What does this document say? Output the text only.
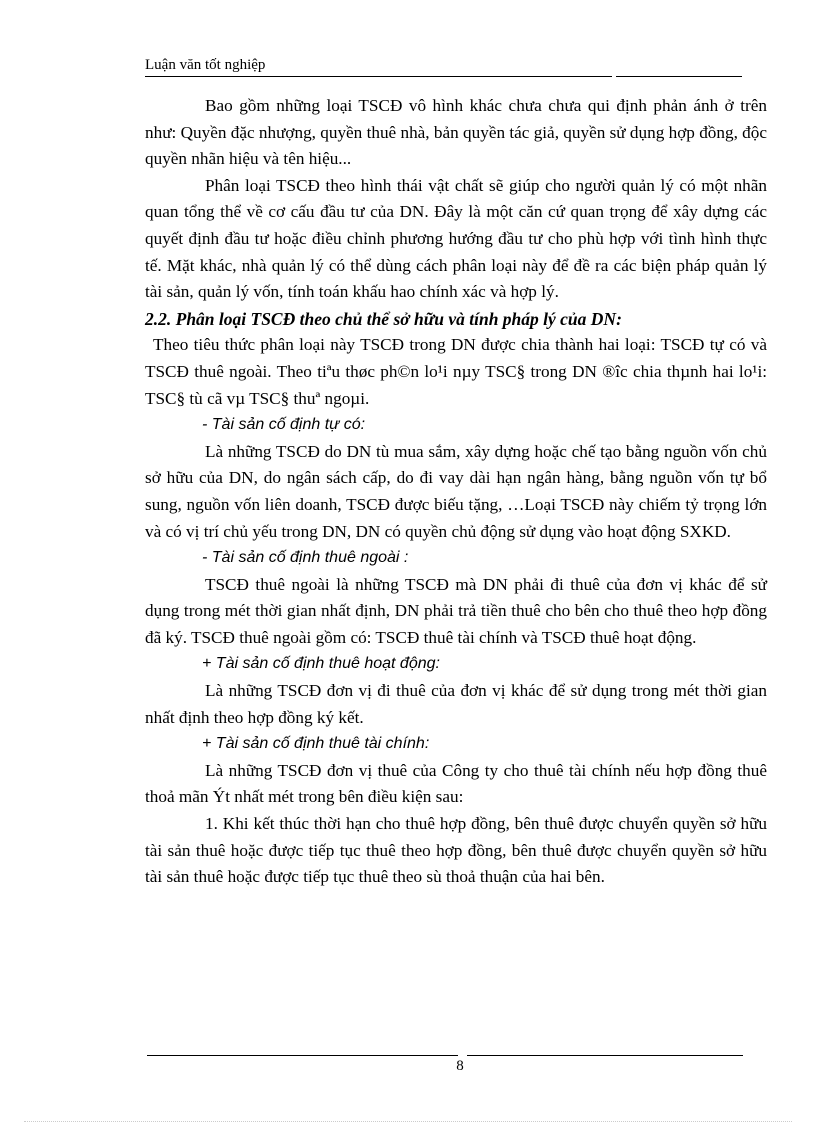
Luận văn tốt nghiệp

Bao gồm những loại TSCĐ vô hình khác chưa chưa qui định phản ánh ở trên như: Quyền đặc nhượng, quyền thuê nhà, bản quyền tác giả, quyền sử dụng hợp đồng, độc quyền nhãn hiệu và tên hiệu...

Phân loại TSCĐ theo hình thái vật chất sẽ giúp cho người quản lý có một nhãn quan tổng thể về cơ cấu đầu tư của DN. Đây là một căn cứ quan trọng để xây dựng các quyết định đầu tư hoặc điều chỉnh phương hướng đầu tư cho phù hợp với tình hình thực tế. Mặt khác, nhà quản lý có thể dùng cách phân loại này để đề ra các biện pháp quản lý tài sản, quản lý vốn, tính toán khấu hao chính xác và hợp lý.

2.2. Phân loại TSCĐ theo chủ thể sở hữu và tính pháp lý của DN:

Theo tiêu thức phân loại này TSCĐ trong DN được chia thành hai loại: TSCĐ tự có và TSCĐ thuê ngoài. Theo tiªu thøc ph©n lo¹i nµy TSC§ trong DN ®îc chia thµnh hai lo¹i: TSC§ tù cã vµ TSC§ thuª ngoµi.

- Tài sản cố định tự có:

Là những TSCĐ do DN tù mua sắm, xây dựng hoặc chế tạo bằng nguồn vốn chủ sở hữu của DN, do ngân sách cấp, do đi vay dài hạn ngân hàng, bằng nguồn vốn tự bổ sung, nguồn vốn liên doanh, TSCĐ được biếu tặng, …Loại TSCĐ này chiếm tỷ trọng lớn và có vị trí chủ yếu trong DN, DN có quyền chủ động sử dụng vào hoạt động SXKD.

- Tài sản cố định thuê ngoài :

TSCĐ thuê ngoài là những TSCĐ mà DN phải đi thuê của đơn vị khác để sử dụng trong mét thời gian nhất định, DN phải trả tiền thuê cho bên cho thuê theo hợp đồng đã ký. TSCĐ thuê ngoài gồm có: TSCĐ thuê tài chính và TSCĐ thuê hoạt động.

+ Tài sản cố định thuê hoạt động:

Là những TSCĐ đơn vị đi thuê của đơn vị khác để sử dụng trong mét thời gian nhất định theo hợp đồng ký kết.

+ Tài sản cố định thuê tài chính:

Là những TSCĐ đơn vị thuê của Công ty cho thuê tài chính nếu hợp đồng thuê thoả mãn Ýt nhất mét trong bên điều kiện sau:

1. Khi kết thúc thời hạn cho thuê hợp đồng, bên thuê được chuyển quyền sở hữu tài sản thuê hoặc được tiếp tục thuê theo hợp đồng, bên thuê được chuyển quyền sở hữu tài sản thuê hoặc được tiếp tục thuê theo sù thoả thuận của hai bên.

8
